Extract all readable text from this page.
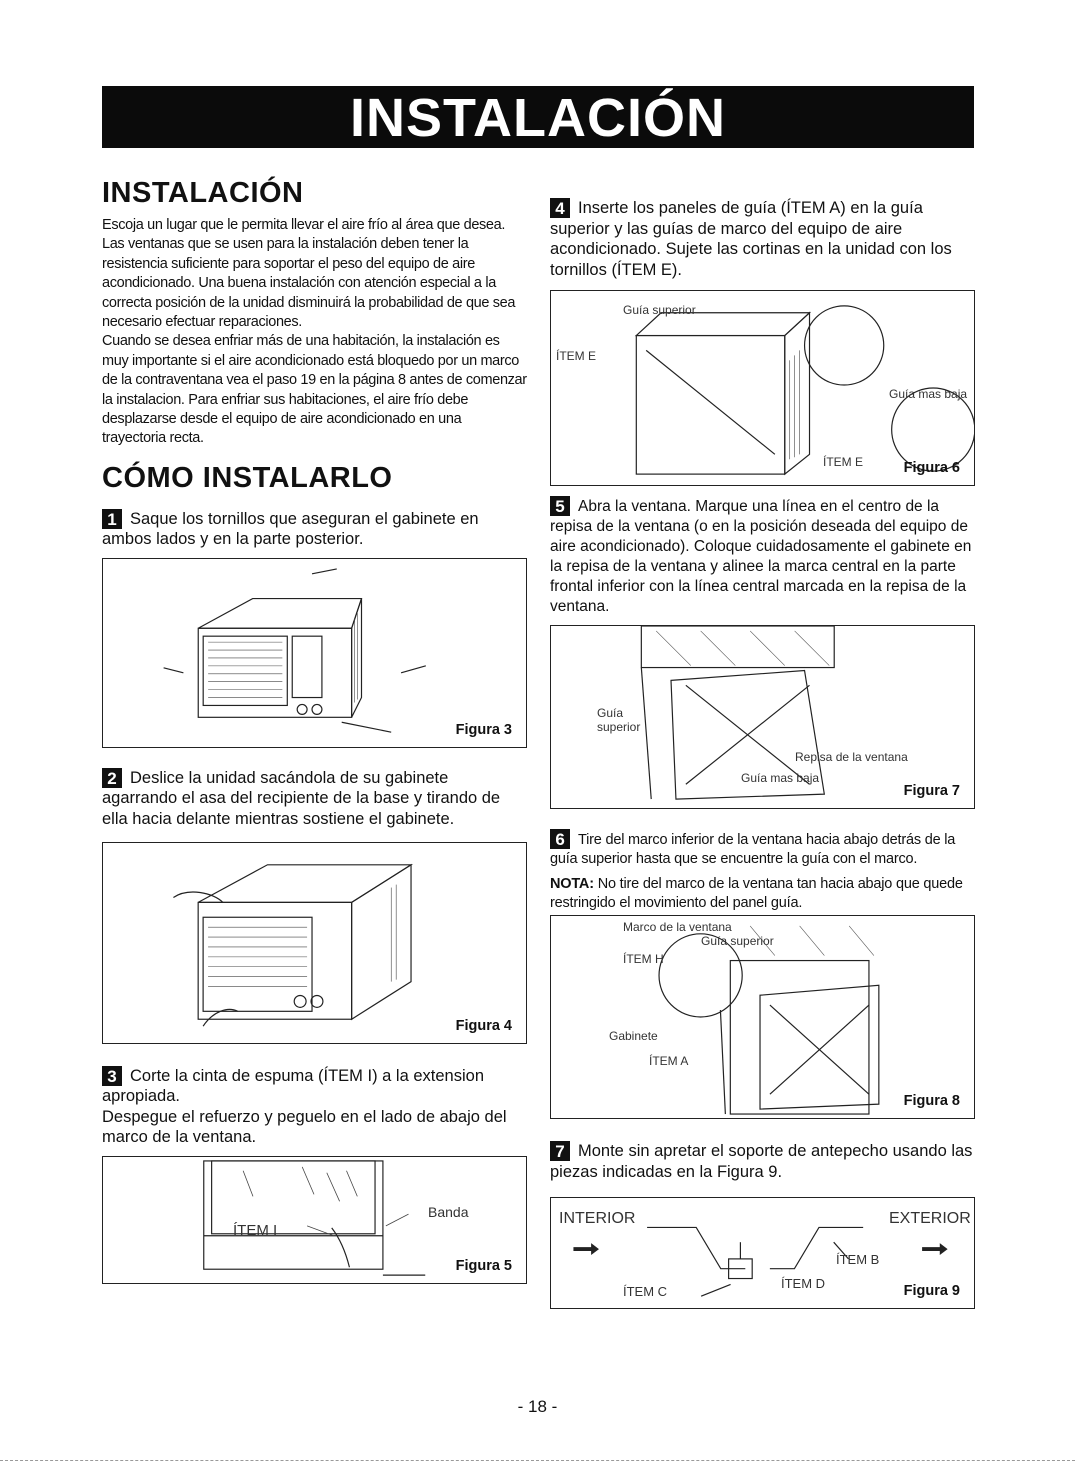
INSTALACIÓN
INSTALACIÓN

Escoja un lugar que le permita llevar el aire frío al área que desea. Las ventanas que se usen para la instalación deben tener la resistencia suficiente para soportar el peso del equipo de aire acondicionado. Una buena instalación con atención especial a la correcta posición de la unidad disminuirá la probabilidad de que sea necesario efectuar reparaciones.

Cuando se desea enfriar más de una habitación, la instalación es muy importante si el aire acondicionado está bloquedo por un marco de la contraventana vea el paso 19 en la página 8 antes de comenzar la instalacion. Para enfriar sus habitaciones, el aire frío debe desplazarse desde el equipo de aire acondicionado en una trayectoria recta.

CÓMO INSTALARLO

1 Saque los tornillos que aseguran el gabinete en ambos lados y en la parte posterior.

Figura 3

2 Deslice la unidad sacándola de su gabinete agarrando el asa del recipiente de la base y tirando de ella hacia delante mientras sostiene el gabinete.

Figura 4

3 Corte la cinta de espuma (ÍTEM I) a la extension apropiada.
Despegue el refuerzo y peguelo en el lado de abajo del marco de la ventana.

Banda
ÍTEM I
Figura 5

4 Inserte los paneles de guía (ÍTEM A) en la guía superior y las guías de marco del equipo de aire acondicionado. Sujete las cortinas en la unidad con los tornillos (ÍTEM E).

Guía superior
ÍTEM E
Guía mas baja
ÍTEM E	Figura 6

5 Abra la ventana. Marque una línea en el centro de la repisa de la ventana (o en la posición deseada del equipo de aire acondicionado). Coloque cuidadosamente el gabinete en la repisa de la ventana y alinee la marca central en la parte frontal inferior con la línea central marcada en la repisa de la ventana.

Guía
superior
Repisa de la ventana
Guía mas baja
Figura 7

6 Tire del marco inferior de la ventana hacia abajo detrás de la guía superior hasta que se encuentre la guía con el marco.

NOTA: No tire del marco de la ventana tan hacia abajo que quede restringido el movimiento del panel guía.

Marco de la ventana
Guía superior
ÍTEM H
Gabinete
ÍTEM A
Figura 8

7 Monte sin apretar el soporte de antepecho usando las piezas indicadas en la Figura 9.

INTERIOR	EXTERIOR
ÍTEM B
ÍTEM C
ÍTEM D	Figura 9
- 18 -
